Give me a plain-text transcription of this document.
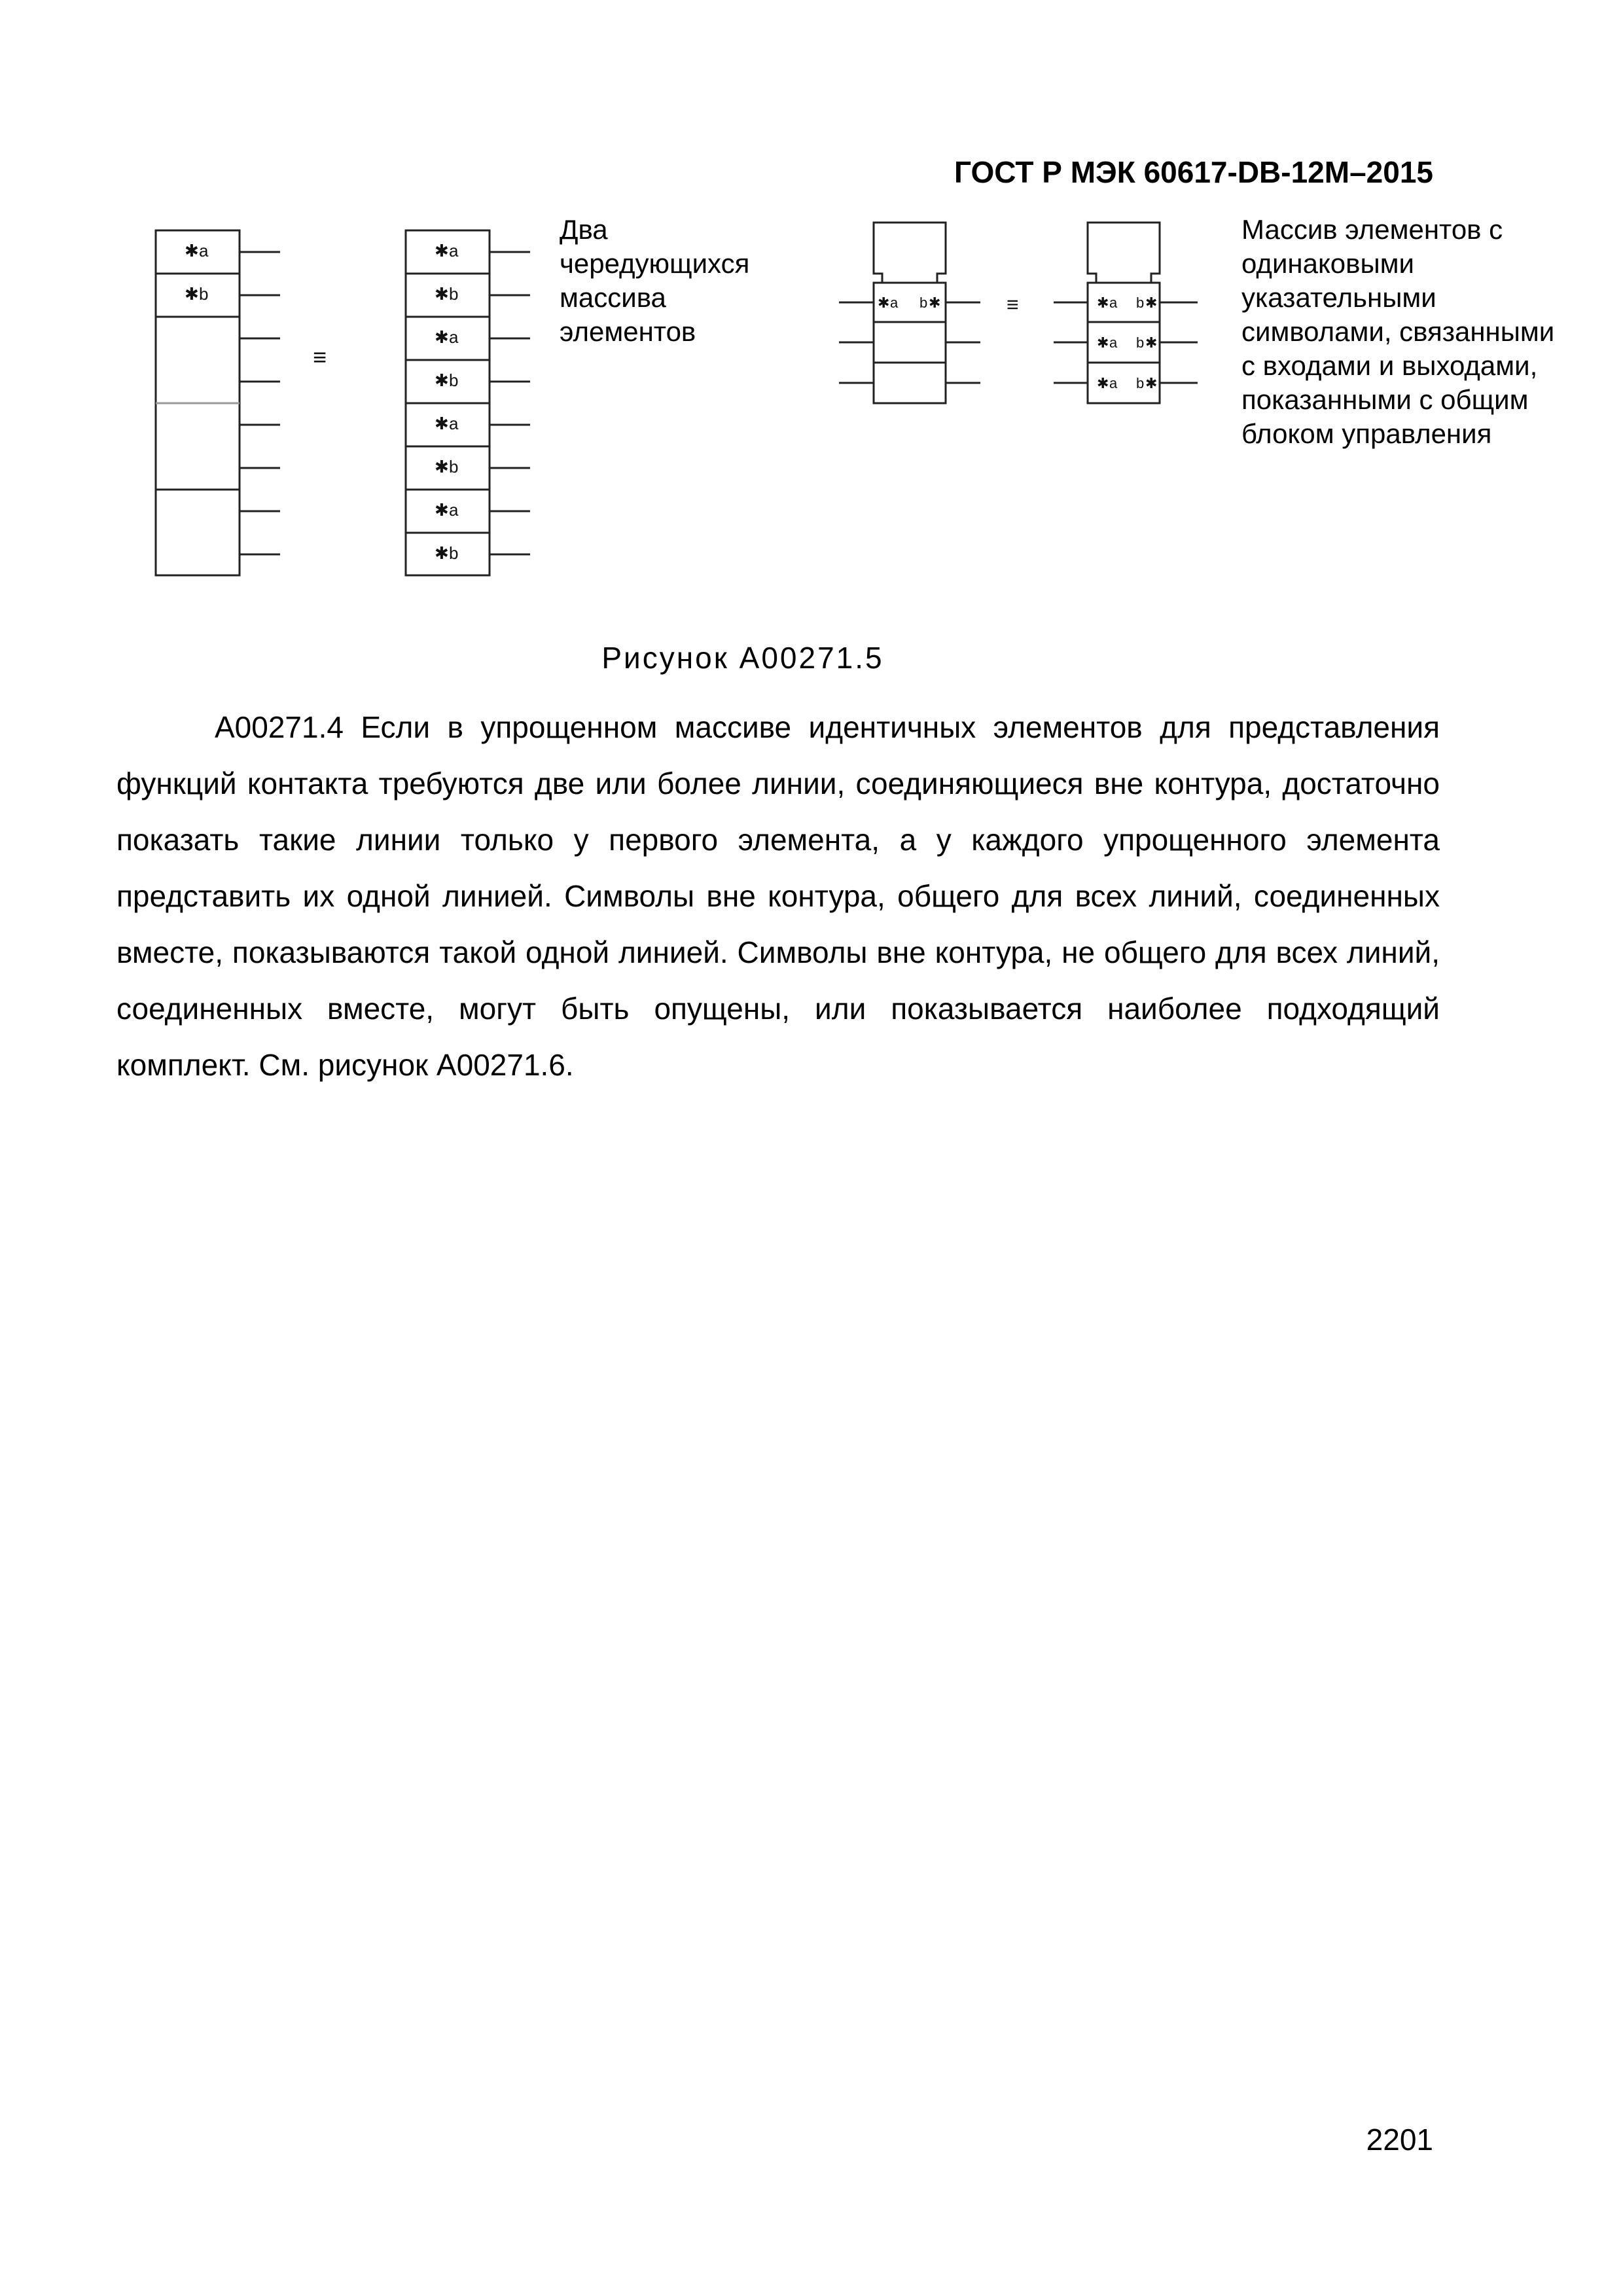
ГОСТ Р МЭК 60617-DB-12M–2015
✱ a
✱ b
✱ a
✱ b
✱ a
✱ b
✱ a
✱ b
✱ a
✱ b
✱ a b ✱	✱ a b ✱
✱ a b ✱
✱ a b ✱
≡
≡
Два чередующихся массива элементов
Массив элементов с одинаковыми указательными символами, связанными с входами и выходами, показанными с общим блоком управления
Рисунок A00271.5
A00271.4 Если в упрощенном массиве идентичных элементов для представления функций контакта требуются две или более линии, соединяющиеся вне контура, достаточно показать такие линии только у первого элемента, а у каждого упрощенного элемента представить их одной линией. Символы вне контура, общего для всех линий, соединенных вместе, показываются такой одной линией. Символы вне контура, не общего для всех линий, соединенных вместе, могут быть опущены, или показывается наиболее подходящий комплект. См. рисунок A00271.6.
2201
